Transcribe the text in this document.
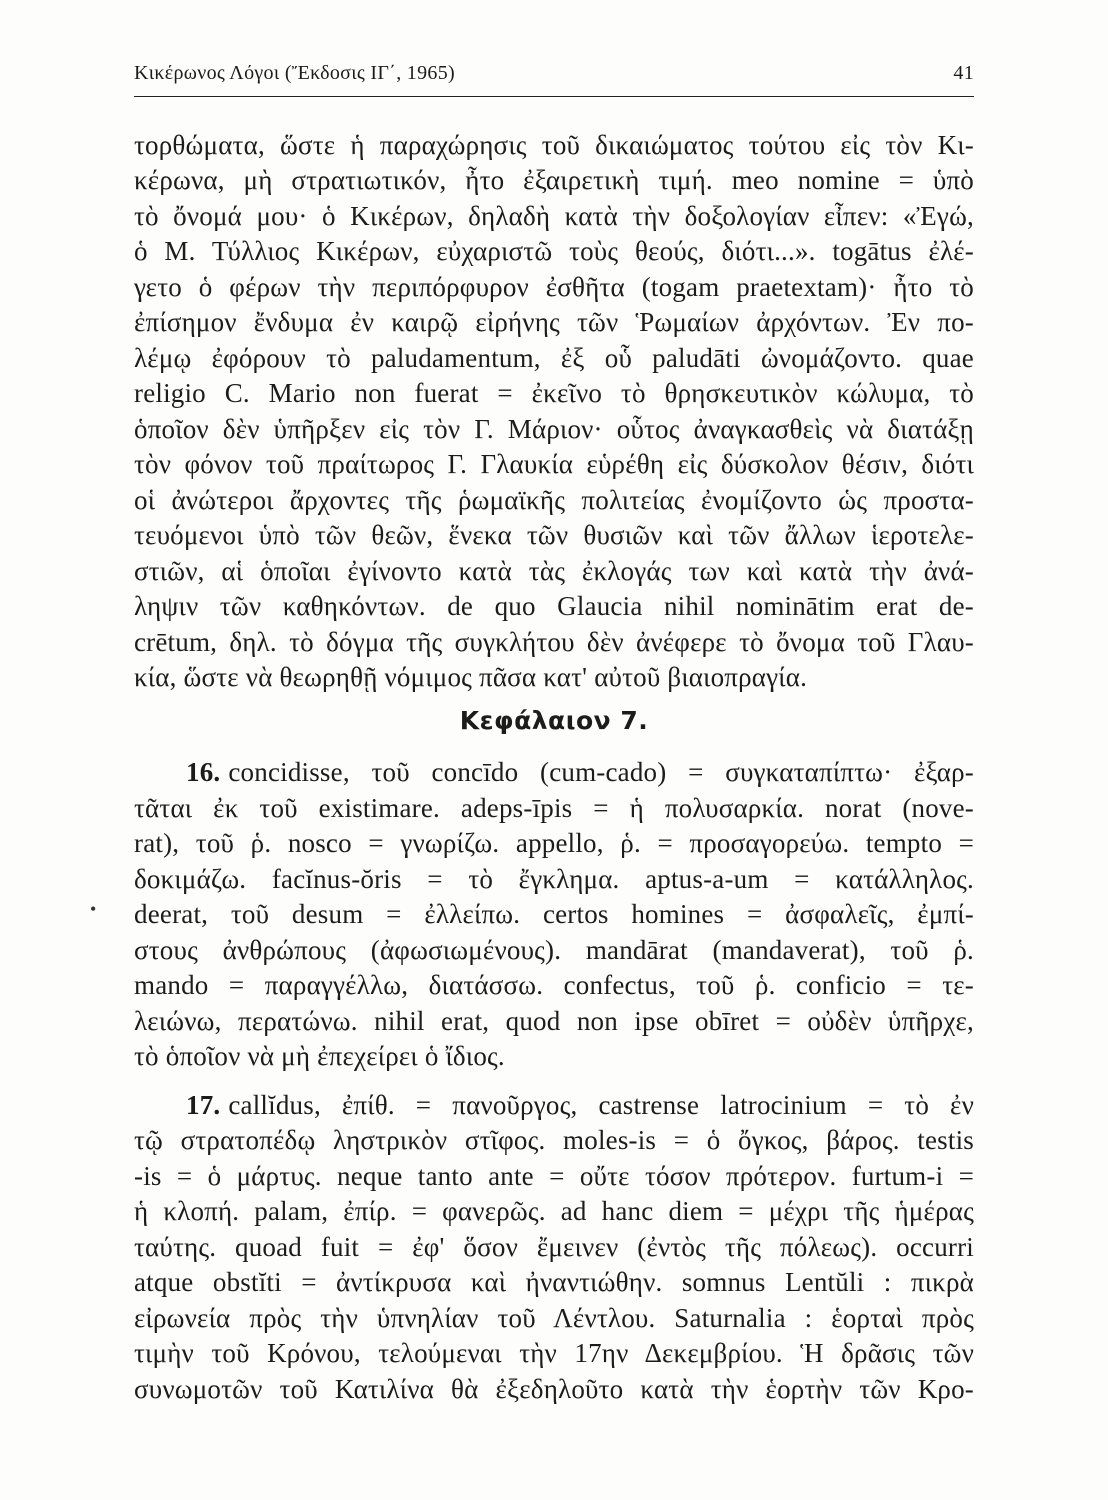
Κικέρωνος Λόγοι (Ἔκδοσις ΙΓ΄, 1965)	41
τορθώματα, ὥστε ἡ παραχώρησις τοῦ δικαιώματος τούτου εἰς τὸν Κι-
κέρωνα, μὴ στρατιωτικόν, ἦτο ἐξαιρετικὴ τιμή. meo nomine = ὑπὸ
τὸ ὄνομά μου· ὁ Κικέρων, δηλαδὴ κατὰ τὴν δοξολογίαν εἶπεν: «Ἐγώ,
ὁ Μ. Τύλλιος Κικέρων, εὐχαριστῶ τοὺς θεούς, διότι...». togātus ἐλέ-
γετο ὁ φέρων τὴν περιπόρφυρον ἐσθῆτα (togam praetextam)· ἦτο τὸ
ἐπίσημον ἔνδυμα ἐν καιρῷ εἰρήνης τῶν Ῥωμαίων ἀρχόντων. Ἐν πο-
λέμῳ ἐφόρουν τὸ paludamentum, ἐξ οὗ paludāti ὠνομάζοντο. quae
religio C. Mario non fuerat = ἐκεῖνο τὸ θρησκευτικὸν κώλυμα, τὸ
ὁποῖον δὲν ὑπῆρξεν εἰς τὸν Γ. Μάριον· οὗτος ἀναγκασθεὶς νὰ διατάξῃ
τὸν φόνον τοῦ πραίτωρος Γ. Γλαυκία εὑρέθη εἰς δύσκολον θέσιν, διότι
οἱ ἀνώτεροι ἄρχοντες τῆς ῥωμαϊκῆς πολιτείας ἐνομίζοντο ὡς προστα-
τευόμενοι ὑπὸ τῶν θεῶν, ἕνεκα τῶν θυσιῶν καὶ τῶν ἄλλων ἱεροτελε-
στιῶν, αἱ ὁποῖαι ἐγίνοντο κατὰ τὰς ἐκλογάς των καὶ κατὰ τὴν ἀνά-
ληψιν τῶν καθηκόντων. de quo Glaucia nihil nominātim erat de-
crētum, δηλ. τὸ δόγμα τῆς συγκλήτου δὲν ἀνέφερε τὸ ὄνομα τοῦ Γλαυ-
κία, ὥστε νὰ θεωρηθῇ νόμιμος πᾶσα κατ' αὐτοῦ βιαιοπραγία.
Κεφάλαιον 7.
16. concidisse, τοῦ concīdo (cum-cado) = συγκαταπίπτω· ἐξαρ-
τᾶται ἐκ τοῦ existimare. adeps-īpis = ἡ πολυσαρκία. norat (nove-
rat), τοῦ ῥ. nosco = γνωρίζω. appello, ῥ. = προσαγορεύω. tempto =
δοκιμάζω. facĭnus-ŏris = τὸ ἔγκλημα. aptus-a-um = κατάλληλος.
deerat, τοῦ desum = ἐλλείπω. certos homines = ἀσφαλεῖς, ἐμπί-
στους ἀνθρώπους (ἀφωσιωμένους). mandārat (mandaverat), τοῦ ῥ.
mando = παραγγέλλω, διατάσσω. confectus, τοῦ ῥ. conficio = τε-
λειώνω, περατώνω. nihil erat, quod non ipse obīret = οὐδὲν ὑπῆρχε,
τὸ ὁποῖον νὰ μὴ ἐπεχείρει ὁ ἴδιος.
•
17. callĭdus, ἐπίθ. = πανοῦργος, castrense latrocinium = τὸ ἐν
τῷ στρατοπέδῳ ληστρικὸν στῖφος. moles-is = ὁ ὄγκος, βάρος. testis
-is = ὁ μάρτυς. neque tanto ante = οὔτε τόσον πρότερον. furtum-i =
ἡ κλοπή. palam, ἐπίρ. = φανερῶς. ad hanc diem = μέχρι τῆς ἡμέρας
ταύτης. quoad fuit = ἐφ' ὅσον ἔμεινεν (ἐντὸς τῆς πόλεως). occurri
atque obstĭti = ἀντίκρυσα καὶ ἠναντιώθην. somnus Lentŭli : πικρὰ
εἰρωνεία πρὸς τὴν ὑπνηλίαν τοῦ Λέντλου. Saturnalia : ἑορταὶ πρὸς
τιμὴν τοῦ Κρόνου, τελούμεναι τὴν 17ην Δεκεμβρίου. Ἡ δρᾶσις τῶν
συνωμοτῶν τοῦ Κατιλίνα θὰ ἐξεδηλοῦτο κατὰ τὴν ἑορτὴν τῶν Κρο-
